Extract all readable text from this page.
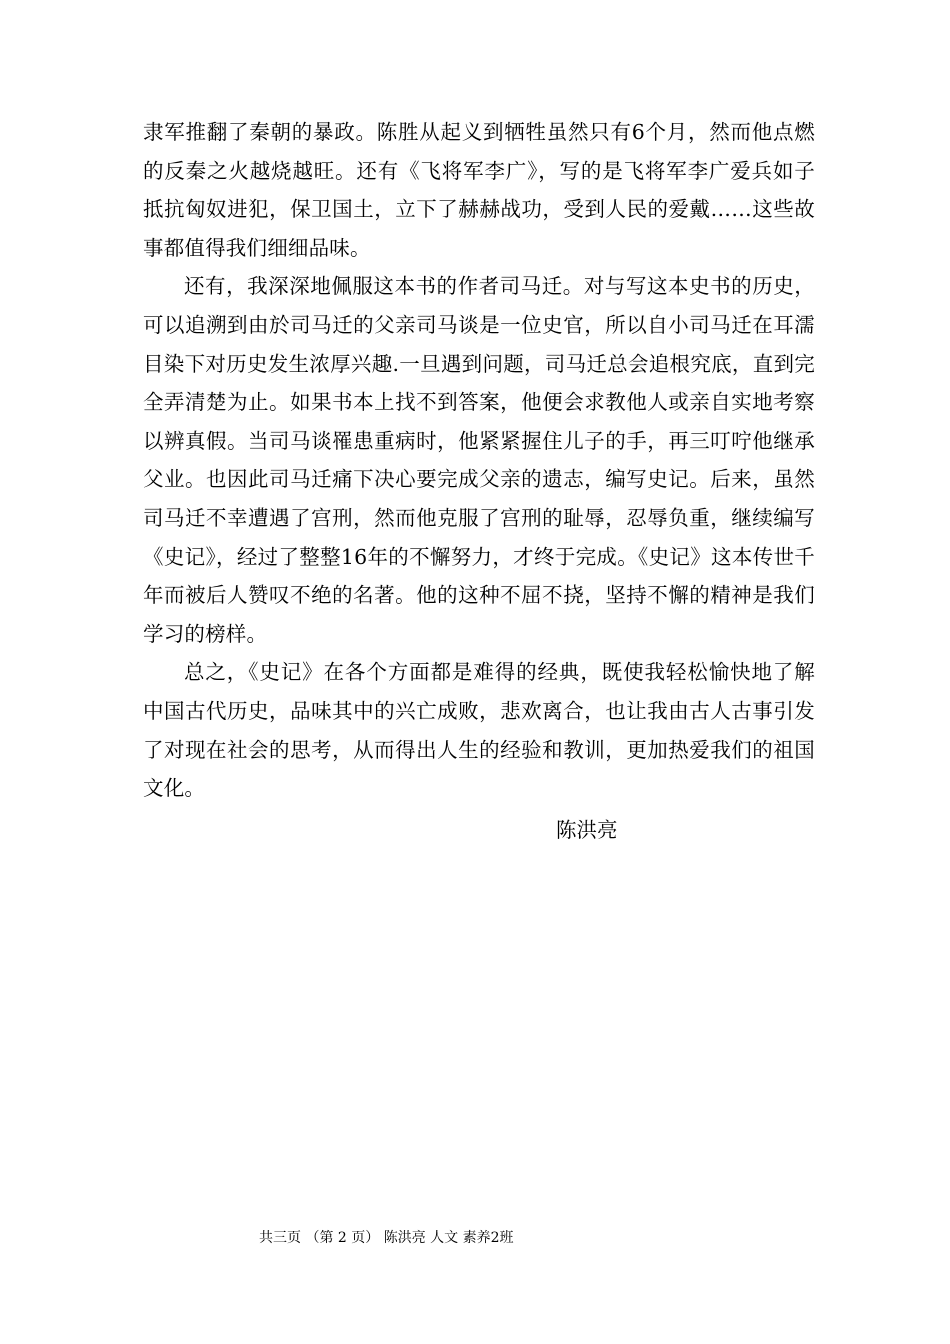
隶军推翻了秦朝的暴政。陈胜从起义到牺牲虽然只有6个月，然而他点燃的反秦之火越烧越旺。还有《飞将军李广》，写的是飞将军李广爱兵如子抵抗匈奴进犯，保卫国土，立下了赫赫战功，受到人民的爱戴……这些故事都值得我们细细品味。

还有，我深深地佩服这本书的作者司马迁。对与写这本史书的历史，可以追溯到由於司马迁的父亲司马谈是一位史官，所以自小司马迁在耳濡目染下对历史发生浓厚兴趣.一旦遇到问题，司马迁总会追根究底，直到完全弄清楚为止。如果书本上找不到答案，他便会求教他人或亲自实地考察以辨真假。当司马谈罹患重病时，他紧紧握住儿子的手，再三叮咛他继承父业。也因此司马迁痛下决心要完成父亲的遗志，编写史记。后来，虽然司马迁不幸遭遇了宫刑，然而他克服了宫刑的耻辱，忍辱负重，继续编写《史记》，经过了整整16年的不懈努力，才终于完成。《史记》这本传世千年而被后人赞叹不绝的名著。他的这种不屈不挠，坚持不懈的精神是我们学习的榜样。

总之，《史记》在各个方面都是难得的经典，既使我轻松愉快地了解中国古代历史，品味其中的兴亡成败，悲欢离合，也让我由古人古事引发了对现在社会的思考，从而得出人生的经验和教训，更加热爱我们的祖国文化。

陈洪亮
共三页 （第 2 页） 陈洪亮 人文 素养2班
